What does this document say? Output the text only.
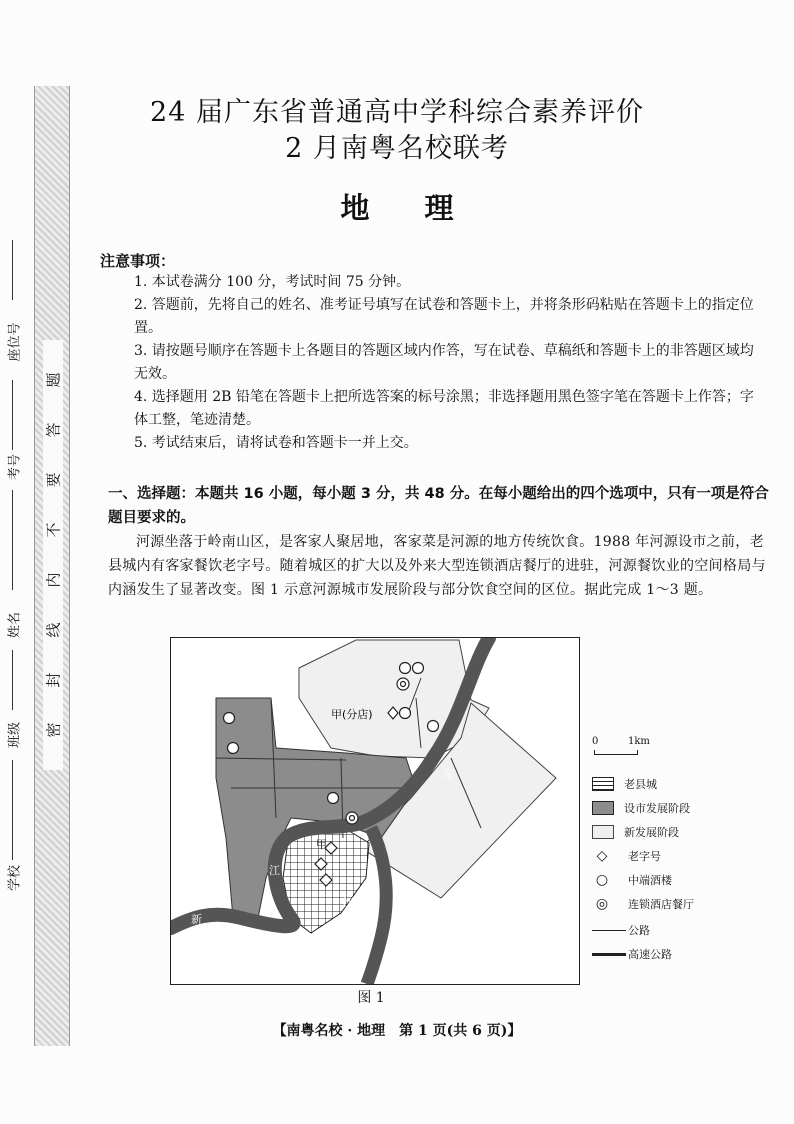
题
答
要
不
内
线
封
密
座位号
考号
姓名
班级
学校
24 届广东省普通高中学科综合素养评价
2 月南粤名校联考
地理
注意事项：
1. 本试卷满分 100 分，考试时间 75 分钟。
2. 答题前，先将自己的姓名、准考证号填写在试卷和答题卡上，并将条形码粘贴在答题卡上的指定位置。
3. 请按题号顺序在答题卡上各题目的答题区域内作答，写在试卷、草稿纸和答题卡上的非答题区域均无效。
4. 选择题用 2B 铅笔在答题卡上把所选答案的标号涂黑；非选择题用黑色签字笔在答题卡上作答；字体工整，笔迹清楚。
5. 考试结束后，请将试卷和答题卡一并上交。
一、选择题：本题共 16 小题，每小题 3 分，共 48 分。在每小题给出的四个选项中，只有一项是符合题目要求的。
河源坐落于岭南山区，是客家人聚居地，客家菜是河源的地方传统饮食。1988 年河源设市之前，老县城内有客家餐饮老字号。随着城区的扩大以及外来大型连锁酒店餐厅的进驻，河源餐饮业的空间格局与内涵发生了显著改变。图 1 示意河源城市发展阶段与部分饮食空间的区位。据此完成 1～3 题。
甲(分店)
甲
东
江
江
新
丰
0	1km
老县城
设市发展阶段
新发展阶段
◇	老字号
○	中端酒楼
◎	连锁酒店餐厅
公路
高速公路
图 1
【南粤名校 · 地理　第 1 页(共 6 页)】
